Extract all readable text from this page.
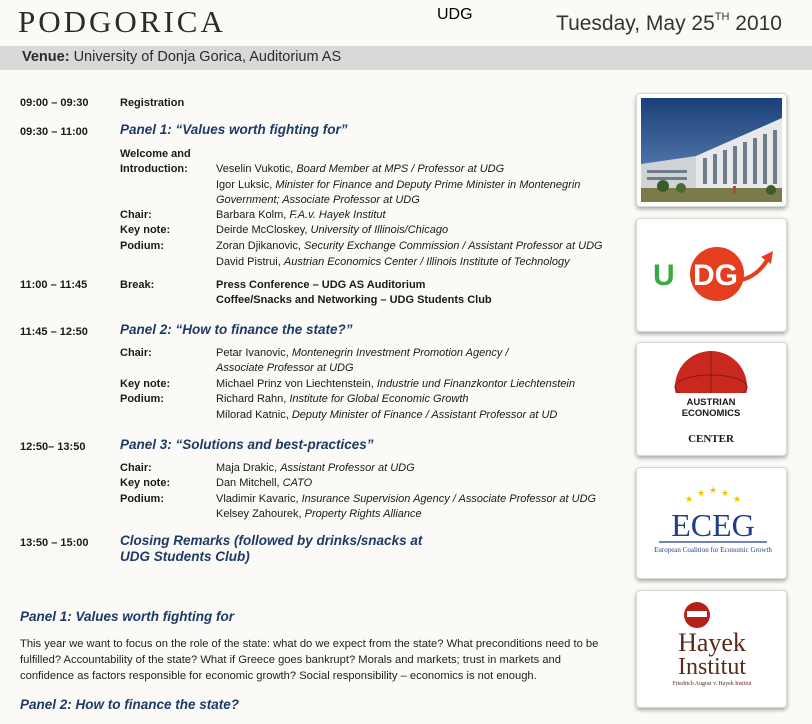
PODGORICA	Tuesday, May 25TH 2010
Venue: University of Donja Gorica, Auditorium AS
09:00 – 09:30	Registration
09:30 – 11:00 Panel 1: “Values worth fighting for”
Welcome and
Introduction:	Veselin Vukotic, Board Member at MPS / Professor at UDG
Igor Luksic, Minister for Finance and Deputy Prime Minister in Montenegrin
Government; Associate Professor at UDG
Chair:	Barbara Kolm, F.A.v. Hayek Institut
Key note:	Deirde McCloskey, University of Illinois/Chicago
Podium:	Zoran Djikanovic, Security Exchange Commission / Assistant Professor at UDG
David Pistrui, Austrian Economics Center / Illinois Institute of Technology
11:00 – 11:45	Break:	Press Conference – UDG AS Auditorium
Coffee/Snacks and Networking – UDG Students Club
11:45 – 12:50 Panel 2: “How to finance the state?”
Chair:	Petar Ivanovic, Montenegrin Investment Promotion Agency /
Associate Professor at UDG
Key note:	Michael Prinz von Liechtenstein, Industrie und Finanzkontor Liechtenstein
Podium:	Richard Rahn, Institute for Global Economic Growth
Milorad Katnic, Deputy Minister of Finance / Assistant Professor at UD
12:50– 13:50	Panel 3: “Solutions and best-practices”
Chair:	Maja Drakic, Assistant Professor at UDG
Key note:	Dan Mitchell, CATO
Podium:	Vladimir Kavaric, Insurance Supervision Agency / Associate Professor at UDG
Kelsey Zahourek, Property Rights Alliance
13:50 – 15:00 Closing Remarks (followed by drinks/snacks at
UDG Students Club)
Panel 1: Values worth fighting for
This year we want to focus on the role of the state: what do we expect from the state? What preconditions need to be fulfilled? Accountability of the state? What if Greece goes bankrupt? Morals and markets; trust in markets and confidence as factors responsible for economic growth? Social responsibility – economics is not enough.
Panel 2: How to finance the state?
U DG
UDG
AUSTRIAN
ECONOMICS
CENTER
★
★ ★ ★
★
ECEG
European Coalition for Economic Growth
Hayek
Institut
Friedrich August v. Hayek Institut
